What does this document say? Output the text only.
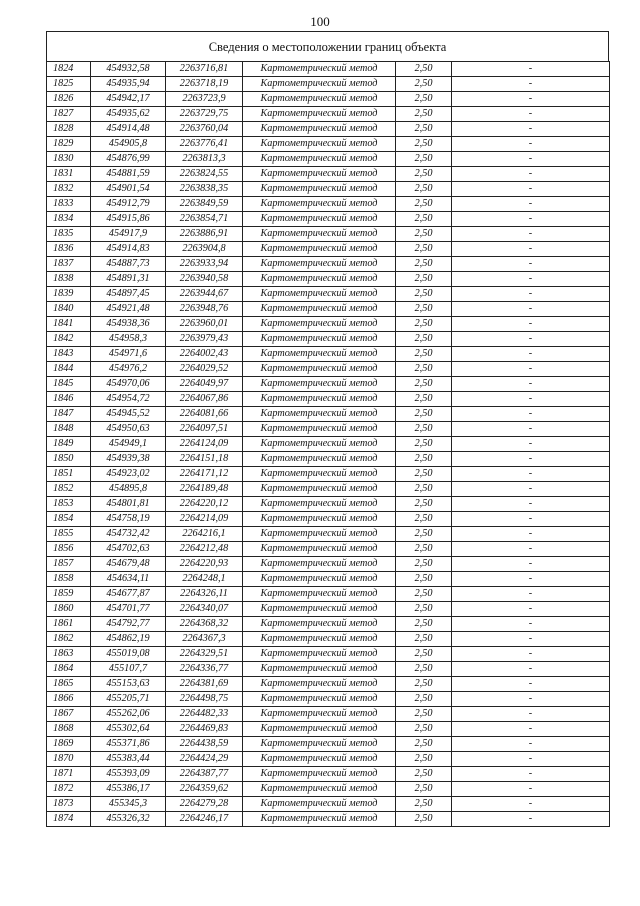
100
Сведения о местоположении границ объекта
1824	454932,58	2263716,81	Картометрический метод	2,50	-
1825	454935,94	2263718,19	Картометрический метод	2,50	-
1826	454942,17	2263723,9	Картометрический метод	2,50	-
1827	454935,62	2263729,75	Картометрический метод	2,50	-
1828	454914,48	2263760,04	Картометрический метод	2,50	-
1829	454905,8	2263776,41	Картометрический метод	2,50	-
1830	454876,99	2263813,3	Картометрический метод	2,50	-
1831	454881,59	2263824,55	Картометрический метод	2,50	-
1832	454901,54	2263838,35	Картометрический метод	2,50	-
1833	454912,79	2263849,59	Картометрический метод	2,50	-
1834	454915,86	2263854,71	Картометрический метод	2,50	-
1835	454917,9	2263886,91	Картометрический метод	2,50	-
1836	454914,83	2263904,8	Картометрический метод	2,50	-
1837	454887,73	2263933,94	Картометрический метод	2,50	-
1838	454891,31	2263940,58	Картометрический метод	2,50	-
1839	454897,45	2263944,67	Картометрический метод	2,50	-
1840	454921,48	2263948,76	Картометрический метод	2,50	-
1841	454938,36	2263960,01	Картометрический метод	2,50	-
1842	454958,3	2263979,43	Картометрический метод	2,50	-
1843	454971,6	2264002,43	Картометрический метод	2,50	-
1844	454976,2	2264029,52	Картометрический метод	2,50	-
1845	454970,06	2264049,97	Картометрический метод	2,50	-
1846	454954,72	2264067,86	Картометрический метод	2,50	-
1847	454945,52	2264081,66	Картометрический метод	2,50	-
1848	454950,63	2264097,51	Картометрический метод	2,50	-
1849	454949,1	2264124,09	Картометрический метод	2,50	-
1850	454939,38	2264151,18	Картометрический метод	2,50	-
1851	454923,02	2264171,12	Картометрический метод	2,50	-
1852	454895,8	2264189,48	Картометрический метод	2,50	-
1853	454801,81	2264220,12	Картометрический метод	2,50	-
1854	454758,19	2264214,09	Картометрический метод	2,50	-
1855	454732,42	2264216,1	Картометрический метод	2,50	-
1856	454702,63	2264212,48	Картометрический метод	2,50	-
1857	454679,48	2264220,93	Картометрический метод	2,50	-
1858	454634,11	2264248,1	Картометрический метод	2,50	-
1859	454677,87	2264326,11	Картометрический метод	2,50	-
1860	454701,77	2264340,07	Картометрический метод	2,50	-
1861	454792,77	2264368,32	Картометрический метод	2,50	-
1862	454862,19	2264367,3	Картометрический метод	2,50	-
1863	455019,08	2264329,51	Картометрический метод	2,50	-
1864	455107,7	2264336,77	Картометрический метод	2,50	-
1865	455153,63	2264381,69	Картометрический метод	2,50	-
1866	455205,71	2264498,75	Картометрический метод	2,50	-
1867	455262,06	2264482,33	Картометрический метод	2,50	-
1868	455302,64	2264469,83	Картометрический метод	2,50	-
1869	455371,86	2264438,59	Картометрический метод	2,50	-
1870	455383,44	2264424,29	Картометрический метод	2,50	-
1871	455393,09	2264387,77	Картометрический метод	2,50	-
1872	455386,17	2264359,62	Картометрический метод	2,50	-
1873	455345,3	2264279,28	Картометрический метод	2,50	-
1874	455326,32	2264246,17	Картометрический метод	2,50	-
